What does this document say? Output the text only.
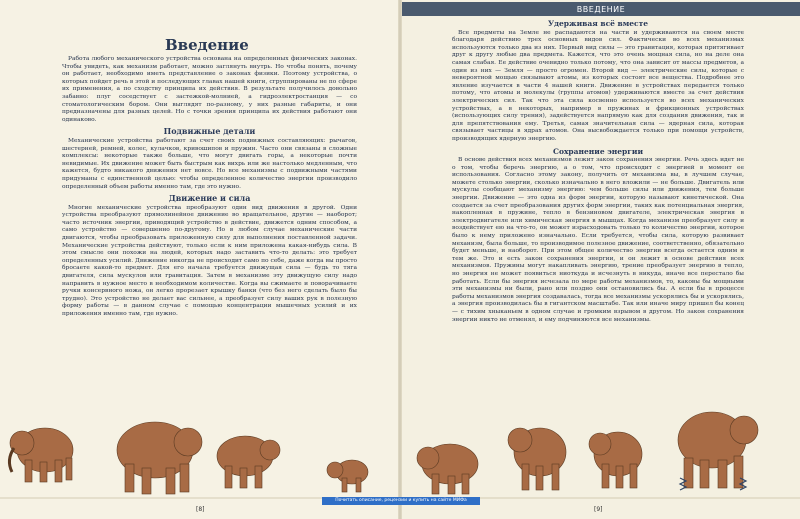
ВВЕДЕНИЕ
Введение

Работа любого механического устройства основана на определенных физических законах. Чтобы увидеть, как механизм работает, можно заглянуть внутрь. Но чтобы понять, почему он работает, необходимо иметь представление о законах физики. Поэтому устройства, о которых пойдет речь в этой и последующих главах нашей книги, сгруппированы не по сфере их применения, а по сходству принципа их действия. В результате получилось довольно забавно: плуг соседствует с застежкой-молнией, а гидроэлектростанция — со стоматологическим бором. Они выглядят по-разному, у них разные габариты, и они предназначены для разных целей. Но с точки зрения принципа их действия работают они одинаково.

Подвижные детали

Механические устройства работают за счет своих подвижных составляющих: рычагов, шестерней, ремней, колес, кулачков, кривошипов и пружин. Часто они связаны в сложные комплексы: некоторые также больше, что могут двигать горы, а некоторые почти невидимые. Их движение может быть быстрым как вихрь или же настолько медленным, что кажется, будто никакого движения нет вовсе. Но все механизмы с подвижными частями придуманы с единственной целью: чтобы определенное количество энергии производило определенный объем работы именно там, где это нужно.

Движение и сила

Многие механические устройства преобразуют один вид движения в другой. Одни устройства преобразуют прямолинейное движение во вращательное, другие — наоборот; часто источник энергии, приводящий устройство в действие, движется одним способом, а само устройство — совершенно по-другому. Но в любом случае механические части двигаются, чтобы преобразовать приложенную силу для выполнения поставленной задачи. Механические устройства действуют, только если к ним приложена какая-нибудь сила. В этом смысле они похожи на людей, которых надо заставить что-то делать: это требует определенных усилий. Движение никогда не происходит само по себе, даже когда вы просто бросаете какой-то предмет. Для его начала требуется движущая сила — будь то тяга двигателя, сила мускулов или гравитация. Затем в механизме эту движущую силу надо направить в нужное место в необходимом количестве. Когда вы сжимаете и поворачиваете ручки консервного ножа, он легко прорезает крышку банки (что без него сделать было бы трудно). Это устройство не делает вас сильнее, а преобразует силу ваших рук в полезную форму работы — в данном случае с помощью концентрации мышечных усилий и их приложения именно там, где нужно.

Удерживая всё вместе

Все предметы на Земле не распадаются на части и удерживаются на своем месте благодаря действию трех основных видов сил. Фактически во всех механизмах используются только два из них. Первый вид силы — это гравитация, которая притягивает друг к другу любые два предмета. Кажется, что это очень мощная сила, но на деле она самая слабая. Ее действие очевидно только потому, что она зависит от массы предметов, а один из них — Земля — просто огромен. Второй вид — электрические силы, которые с невероятной мощью связывают атомы, из которых состоят все вещества. Подробнее это явление изучается в части 4 нашей книги. Движение в устройствах передается только потому, что атомы и молекулы (группы атомов) удерживаются вместе за счет действия электрических сил. Так что эта сила косвенно используется во всех механических устройствах, а в некоторых, например в пружинах и фрикционных устройствах (использующих силу трения), задействуется напрямую как для создания движения, так и для препятствования ему. Третья, самая значительная сила — ядерная сила, которая связывает частицы в ядрах атомов. Она высвобождается только при помощи устройств, производящих ядерную энергию.

Сохранение энергии

В основе действия всех механизмов лежит закон сохранения энергии. Речь здесь идет не о том, чтобы беречь энергию, а о том, что происходит с энергией в момент ее использования. Согласно этому закону, получить от механизма вы, в лучшем случае, можете столько энергии, сколько изначально в него вложили — не больше. Двигатель или мускулы сообщают механизму энергию: чем больше силы или движения, тем больше энергии. Движение — это одна из форм энергии, которую называют кинетической. Она создается за счет преобразования других форм энергии, таких как потенциальная энергия, накопленная в пружине, тепло в бензиновом двигателе, электрическая энергия в электродвигателе или химическая энергия в мышцах. Когда механизм преобразует силу и воздействует ею на что-то, он может израсходовать только то количество энергии, которое было к нему приложено изначально. Если требуется, чтобы сила, которую развивает механизм, была больше, то производимое полезное движение, соответственно, обязательно будет меньше, и наоборот. При этом общее количество энергии всегда остается одним и тем же. Это и есть закон сохранения энергии, и он лежит в основе действия всех механизмов. Пружины могут накапливать энергию, трение преобразует энергию в тепло, но энергия не может появиться ниоткуда и исчезнуть в никуда, иначе все перестало бы работать. Если бы энергия исчезала по мере работы механизмов, то, каковы бы мощными эти механизмы ни были, рано или поздно они остановились бы. А если бы в процессе работы механизмов энергия создавалась, тогда все механизмы ускорялись бы и ускорялись, а энергия производилась бы в гигантском масштабе. Так или иначе миру пришел бы конец — с тихим хныканьем в одном случае и громким взрывом в другом. Но закон сохранения энергии никто не отменял, и ему подчиняются все механизмы.

Почитать описание, рецензии и купить на сайте МИФа
[8]	[9]
